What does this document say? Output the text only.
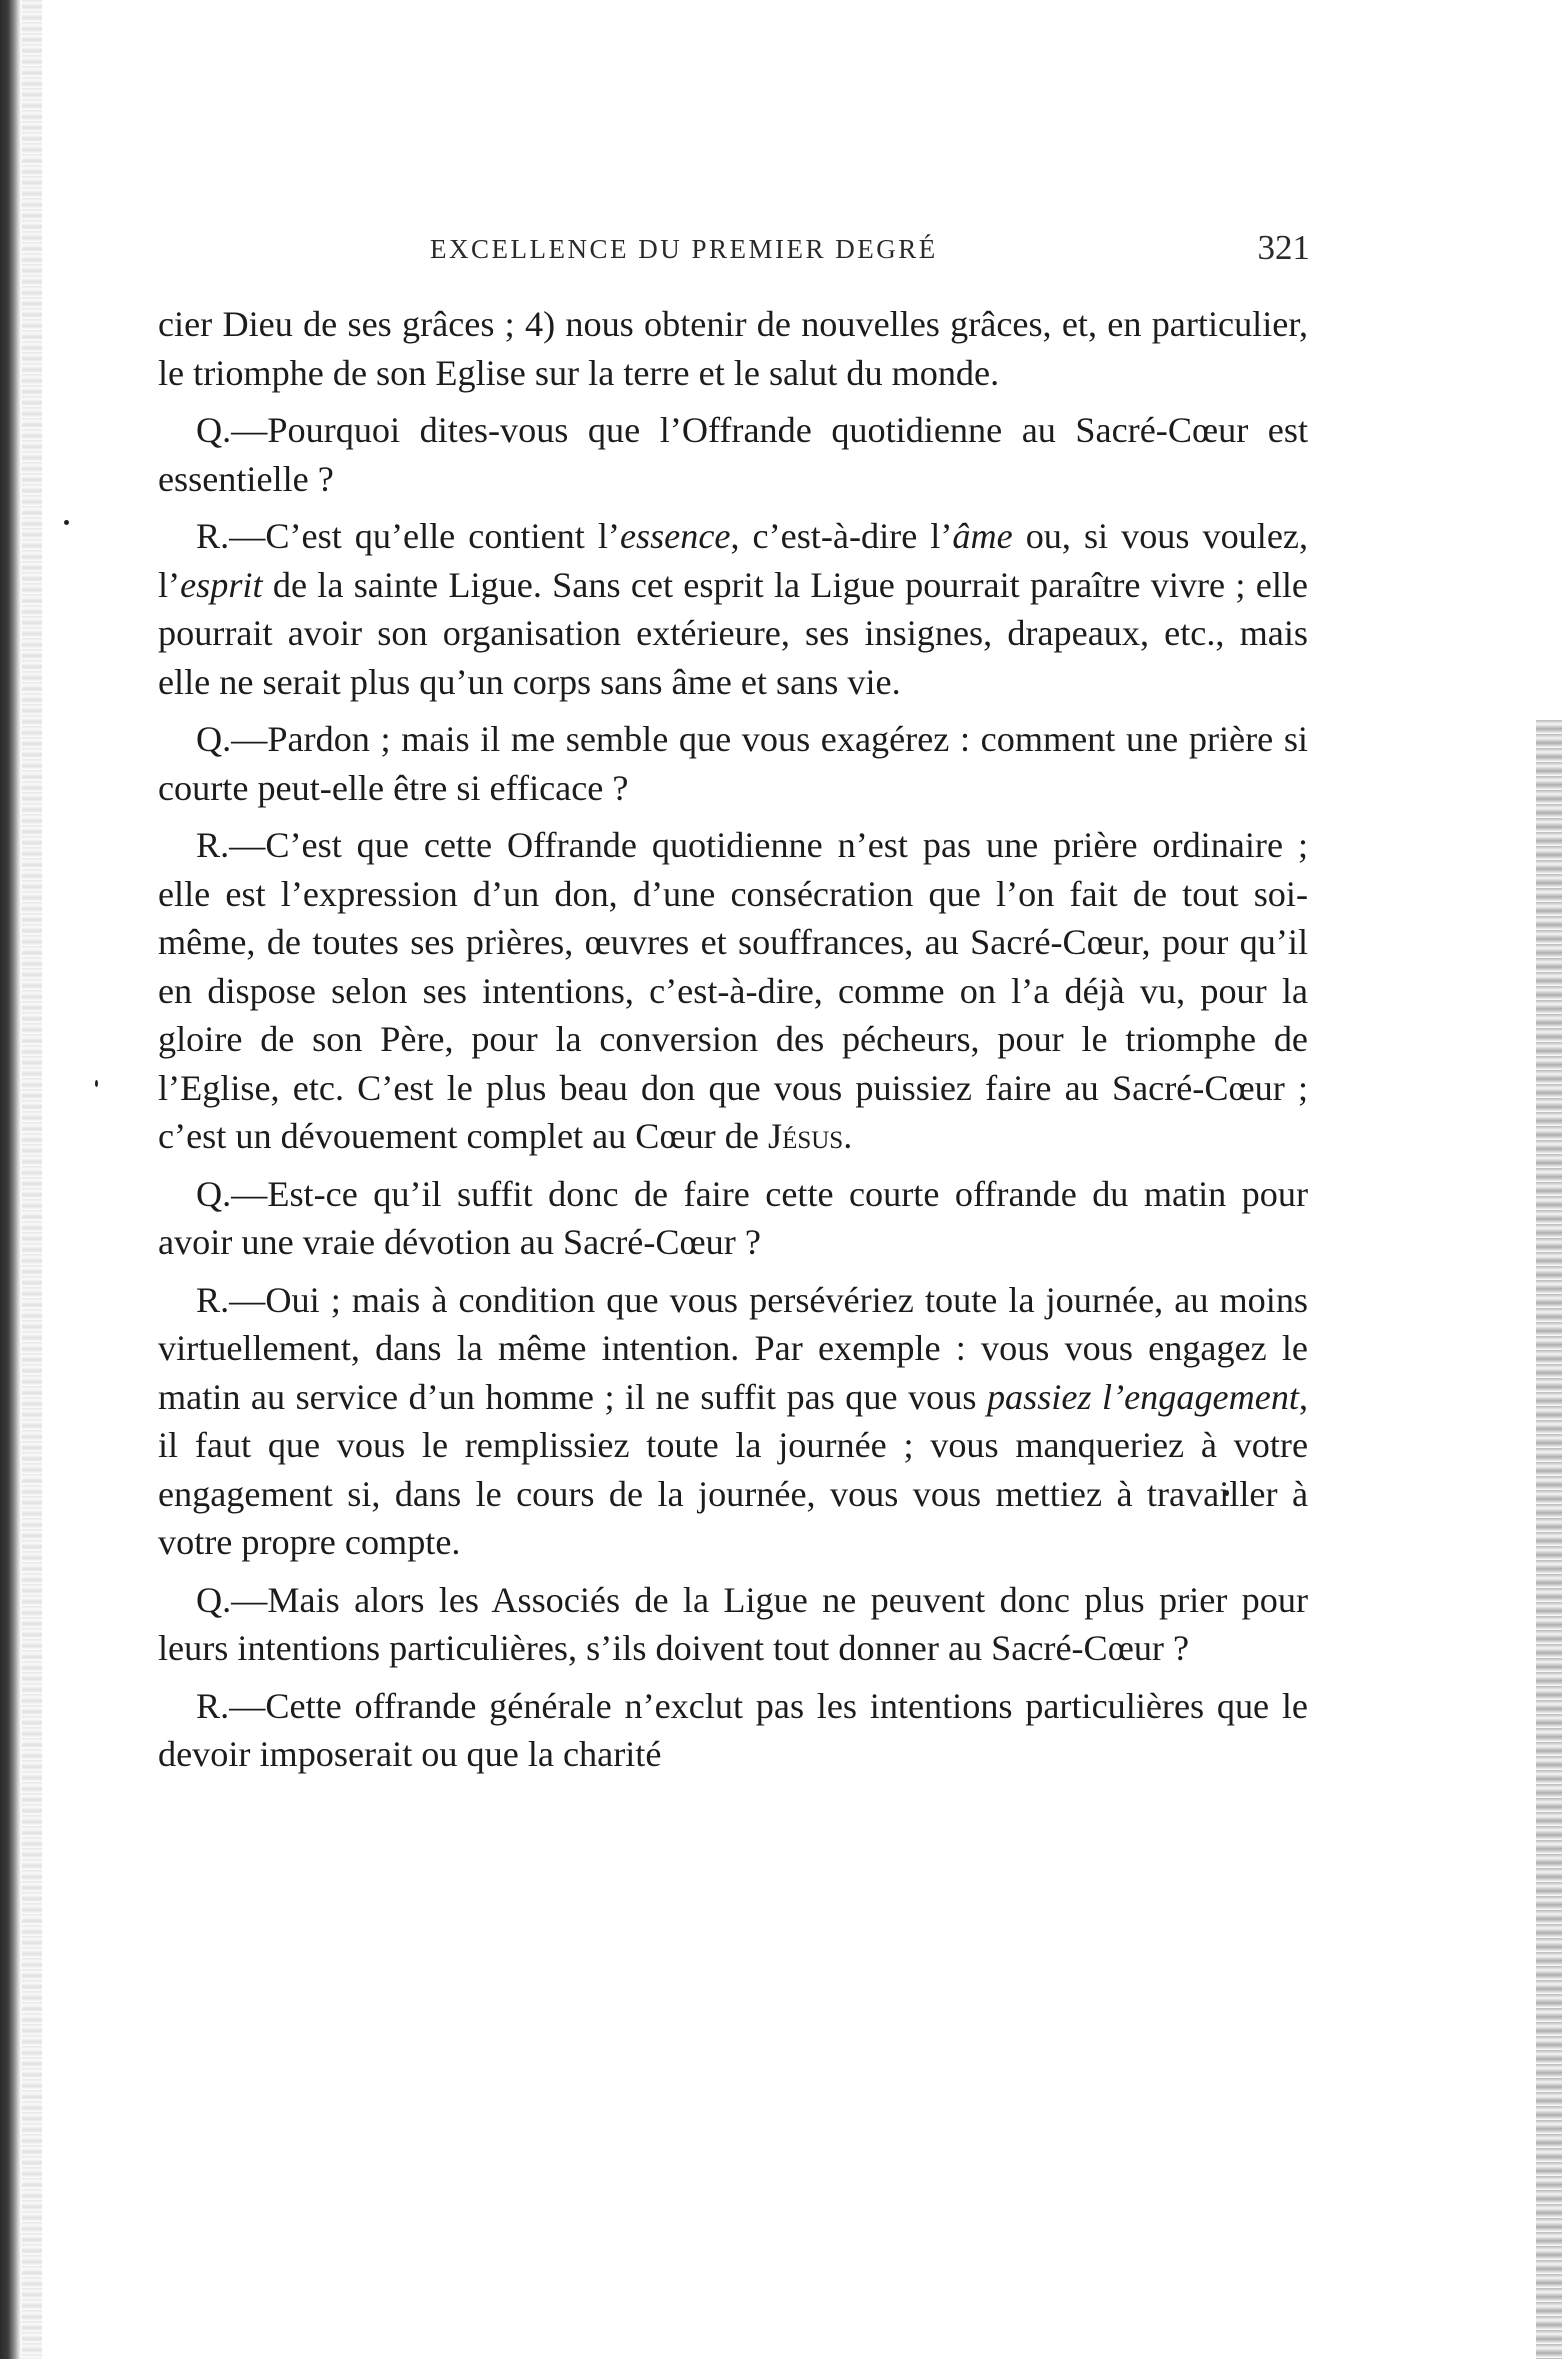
EXCELLENCE DU PREMIER DEGRÉ	321

cier Dieu de ses grâces ; 4) nous obtenir de nouvelles grâces, et, en particulier, le triomphe de son Eglise sur la terre et le salut du monde.

Q.—Pourquoi dites-vous que l’Offrande quotidienne au Sacré-Cœur est essentielle ?

R.—C’est qu’elle contient l’essence, c’est-à-dire l’âme ou, si vous voulez, l’esprit de la sainte Ligue. Sans cet esprit la Ligue pourrait paraître vivre ; elle pourrait avoir son organisation extérieure, ses insignes, drapeaux, etc., mais elle ne serait plus qu’un corps sans âme et sans vie.

Q.—Pardon ; mais il me semble que vous exagérez : comment une prière si courte peut-elle être si efficace ?

R.—C’est que cette Offrande quotidienne n’est pas une prière ordinaire ; elle est l’expression d’un don, d’une consécration que l’on fait de tout soi-même, de toutes ses prières, œuvres et souffrances, au Sacré-Cœur, pour qu’il en dispose selon ses intentions, c’est-à-dire, comme on l’a déjà vu, pour la gloire de son Père, pour la conversion des pécheurs, pour le triomphe de l’Eglise, etc. C’est le plus beau don que vous puissiez faire au Sacré-Cœur ; c’est un dévouement complet au Cœur de Jésus.

Q.—Est-ce qu’il suffit donc de faire cette courte offrande du matin pour avoir une vraie dévotion au Sacré-Cœur ?

R.—Oui ; mais à condition que vous persévériez toute la journée, au moins virtuellement, dans la même intention. Par exemple : vous vous engagez le matin au service d’un homme ; il ne suffit pas que vous passiez l’engagement, il faut que vous le remplissiez toute la journée ; vous manqueriez à votre engagement si, dans le cours de la journée, vous vous mettiez à travailler à votre propre compte.

Q.—Mais alors les Associés de la Ligue ne peuvent donc plus prier pour leurs intentions particulières, s’ils doivent tout donner au Sacré-Cœur ?

R.—Cette offrande générale n’exclut pas les intentions particulières que le devoir imposerait ou que la charité
